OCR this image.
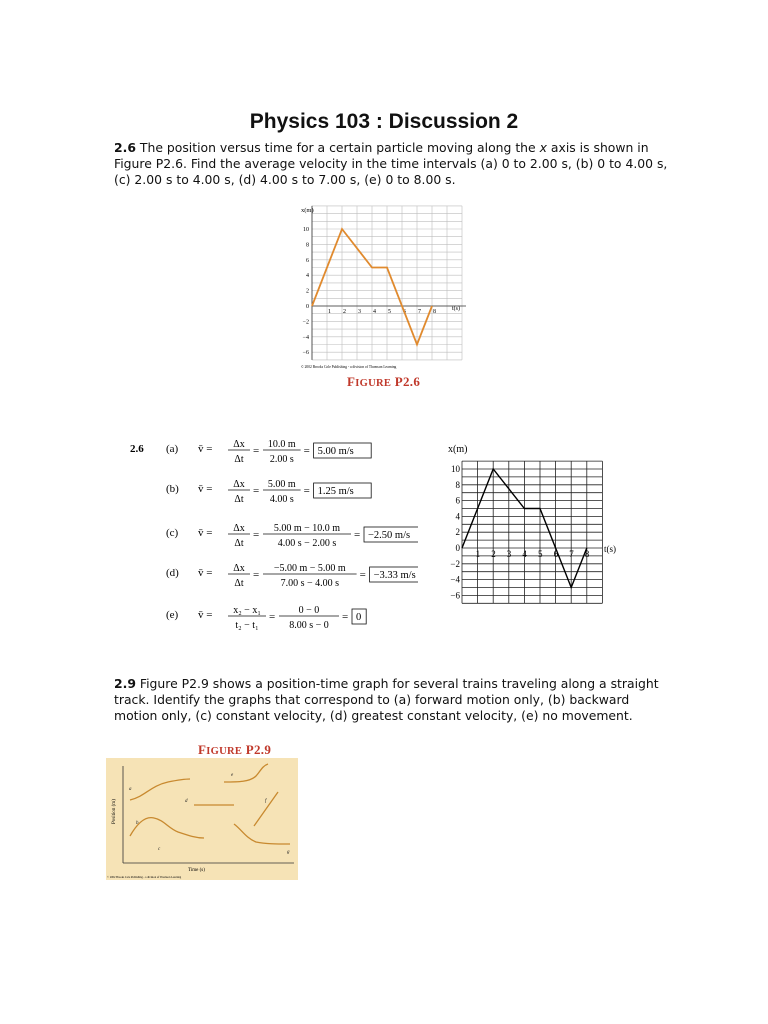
Physics 103 : Discussion 2
2.6 The position versus time for a certain particle moving along the x axis is shown in Figure P2.6. Find the average velocity in the time intervals (a) 0 to 2.00 s, (b) 0 to 4.00 s, (c) 2.00 s to 4.00 s, (d) 4.00 s to 7.00 s, (e) 0 to 8.00 s.
x(m)
1 2 3 4 5 6 7 8
10
8
6
4
2
0
−2
−4
−6
t(s)
© 2002 Brooks Cole Publishing - a division of Thomson Learning
FIGURE P2.6
2.6 (a) v̄ = Δx
Δt
=
10.0 m
2.00 s
= 5.00 m/s
(b) v̄ = Δx
Δt
=
5.00 m
4.00 s
= 1.25 m/s
(c) v̄ = Δx
Δt
=
5.00 m − 10.0 m
4.00 s − 2.00 s
= −2.50 m/s
(d) v̄ = Δx
Δt
=
−5.00 m − 5.00 m
7.00 s − 4.00 s
= −3.33 m/s
(e) v̄ = x₂ − x₁
t₂ − t₁
=
0 − 0
8.00 s − 0
= 0
x(m)
1 2 3 4 5 6 7 8
10
8
6
4
2
0
−2
−4
−6
t(s)
2.9 Figure P2.9 shows a position-time graph for several trains traveling along a straight track. Identify the graphs that correspond to (a) forward motion only, (b) backward motion only, (c) constant velocity, (d) greatest constant velocity, (e) no movement.
FIGURE P2.9
Position (m)
Time (s)
© 2002 Brooks Cole Publishing - a division of Thomson Learning
a
b
c
d
e
f
g
